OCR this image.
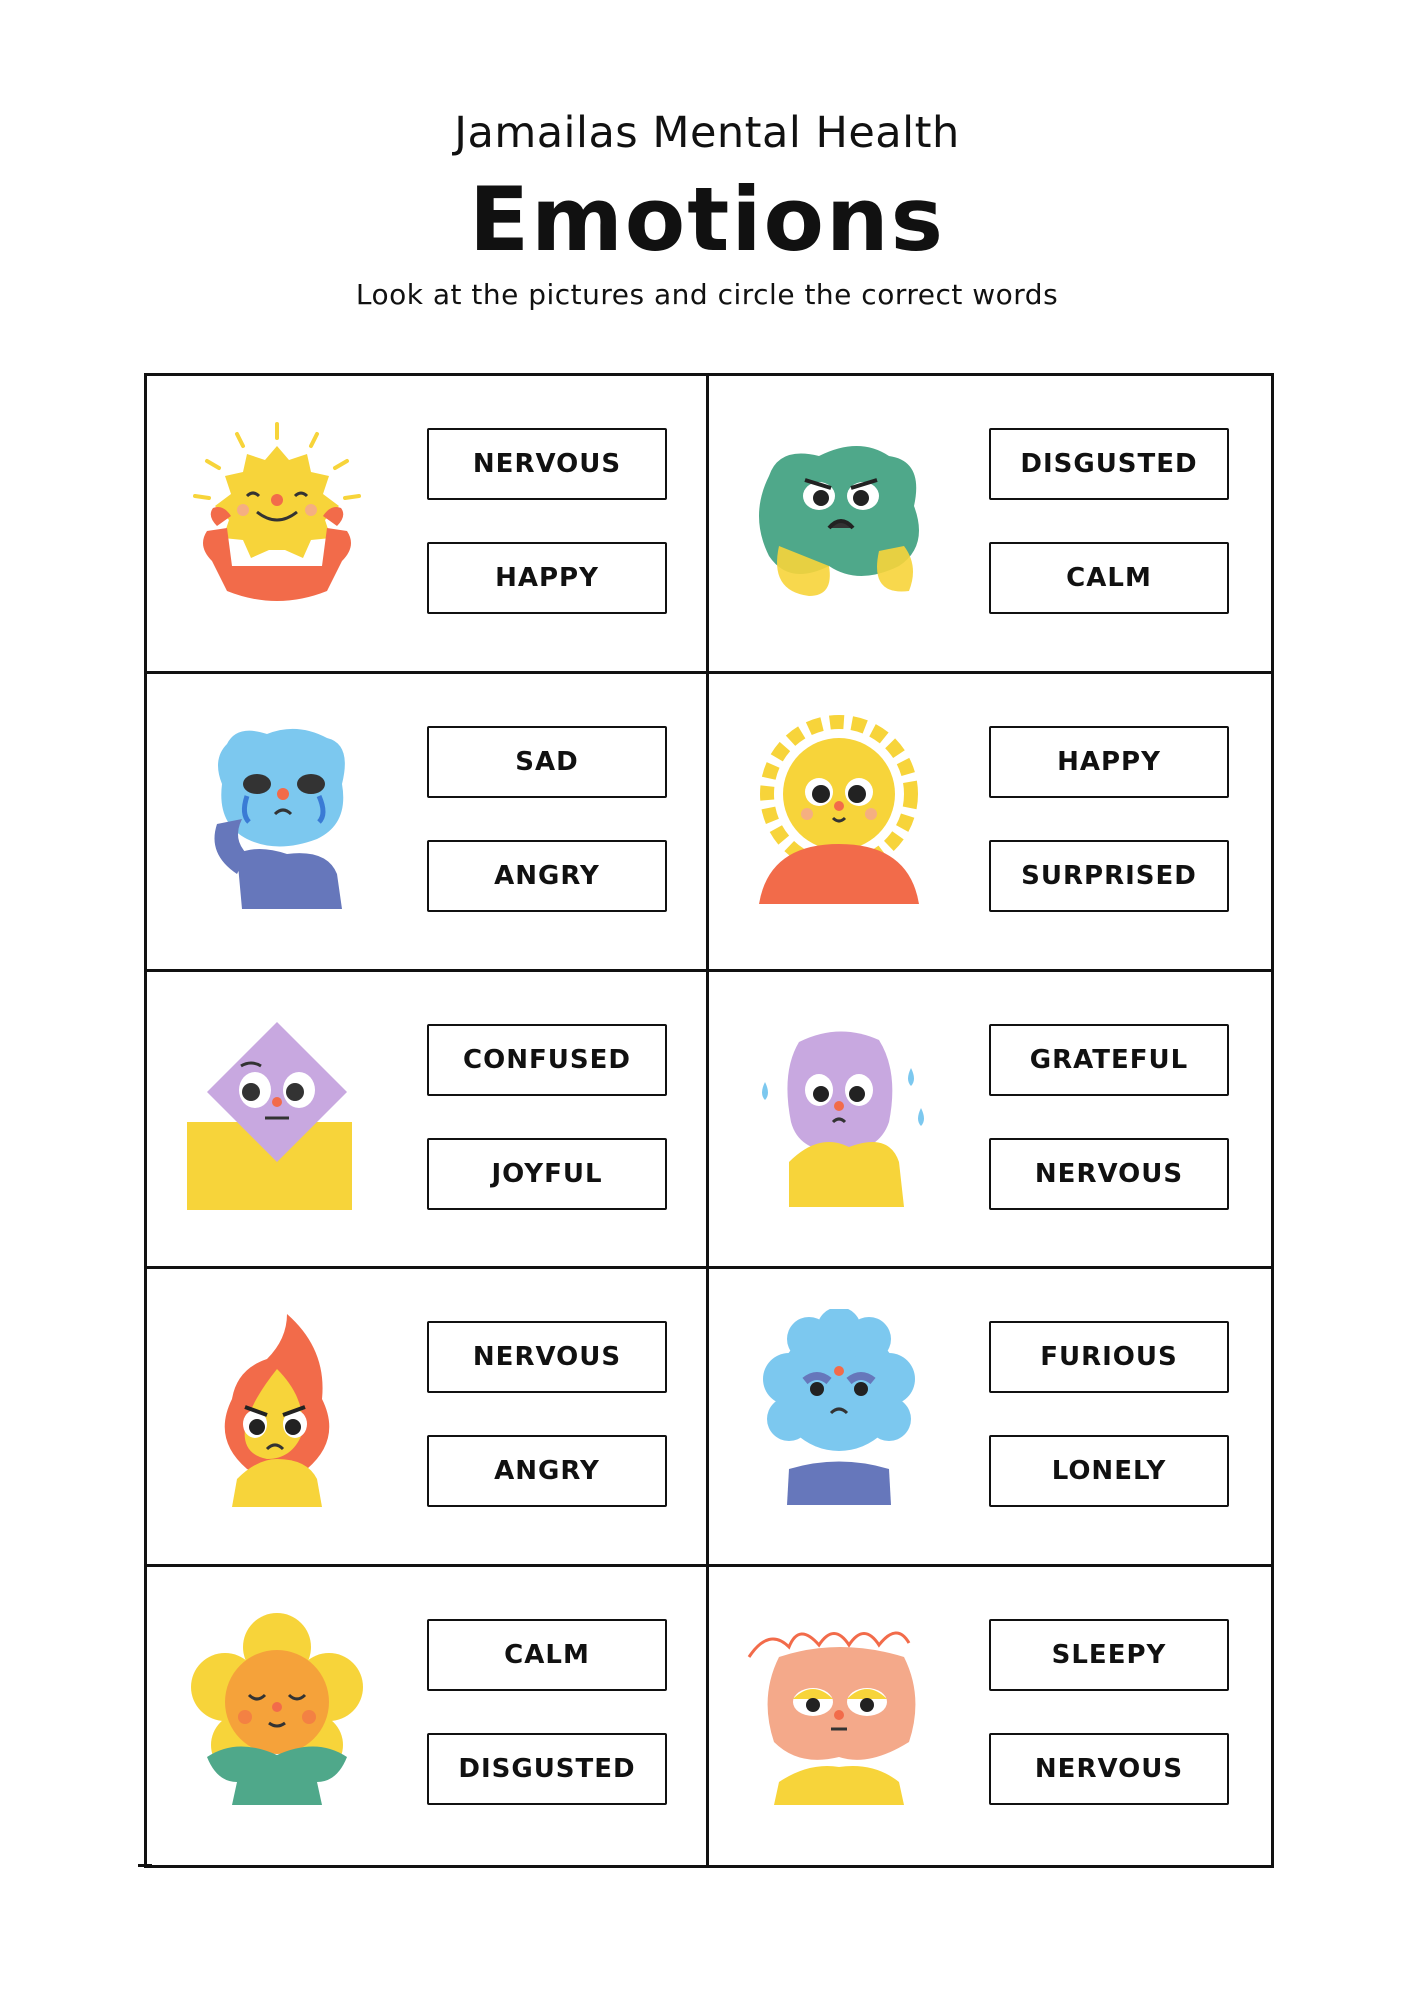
Jamailas Mental Health
Emotions
Look at the pictures and circle the correct words
NERVOUS
HAPPY
DISGUSTED
CALM
SAD
ANGRY
HAPPY
SURPRISED
CONFUSED
JOYFUL
GRATEFUL
NERVOUS
NERVOUS
ANGRY
FURIOUS
LONELY
CALM
DISGUSTED
SLEEPY
NERVOUS
